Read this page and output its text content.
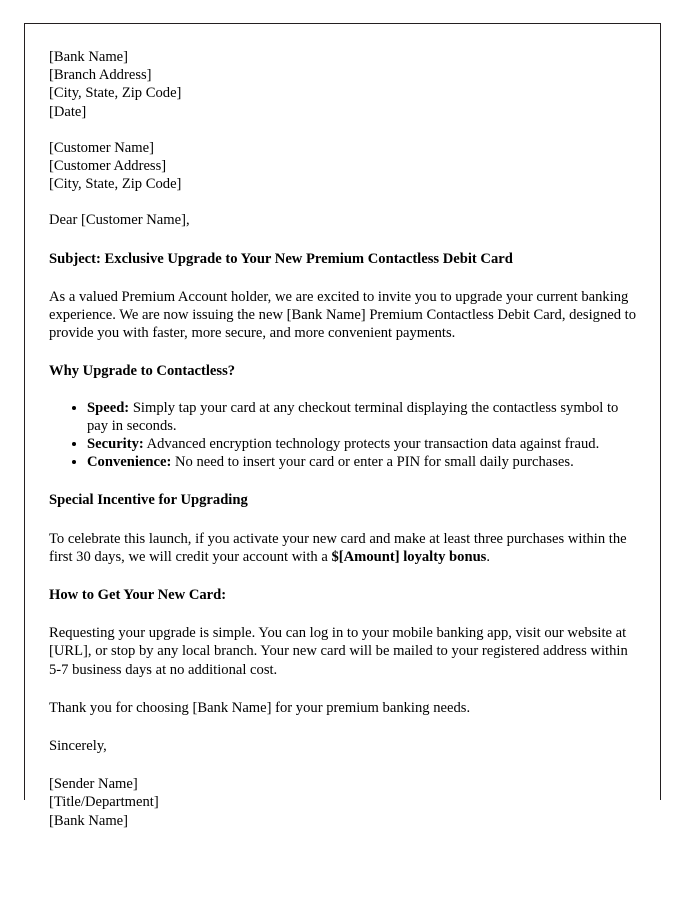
[Bank Name]
[Branch Address]
[City, State, Zip Code]
[Date]
[Customer Name]
[Customer Address]
[City, State, Zip Code]

Dear [Customer Name],

Subject: Exclusive Upgrade to Your New Premium Contactless Debit Card

As a valued Premium Account holder, we are excited to invite you to upgrade your current banking experience. We are now issuing the new [Bank Name] Premium Contactless Debit Card, designed to provide you with faster, more secure, and more convenient payments.

Why Upgrade to Contactless?
• Speed: Simply tap your card at any checkout terminal displaying the contactless symbol to pay in seconds.
• Security: Advanced encryption technology protects your transaction data against fraud.
• Convenience: No need to insert your card or enter a PIN for small daily purchases.
Special Incentive for Upgrading

To celebrate this launch, if you activate your new card and make at least three purchases within the first 30 days, we will credit your account with a $[Amount] loyalty bonus.

How to Get Your New Card:

Requesting your upgrade is simple. You can log in to your mobile banking app, visit our website at [URL], or stop by any local branch. Your new card will be mailed to your registered address within 5-7 business days at no additional cost.

Thank you for choosing [Bank Name] for your premium banking needs.

Sincerely,

[Sender Name]
[Title/Department]
[Bank Name]
